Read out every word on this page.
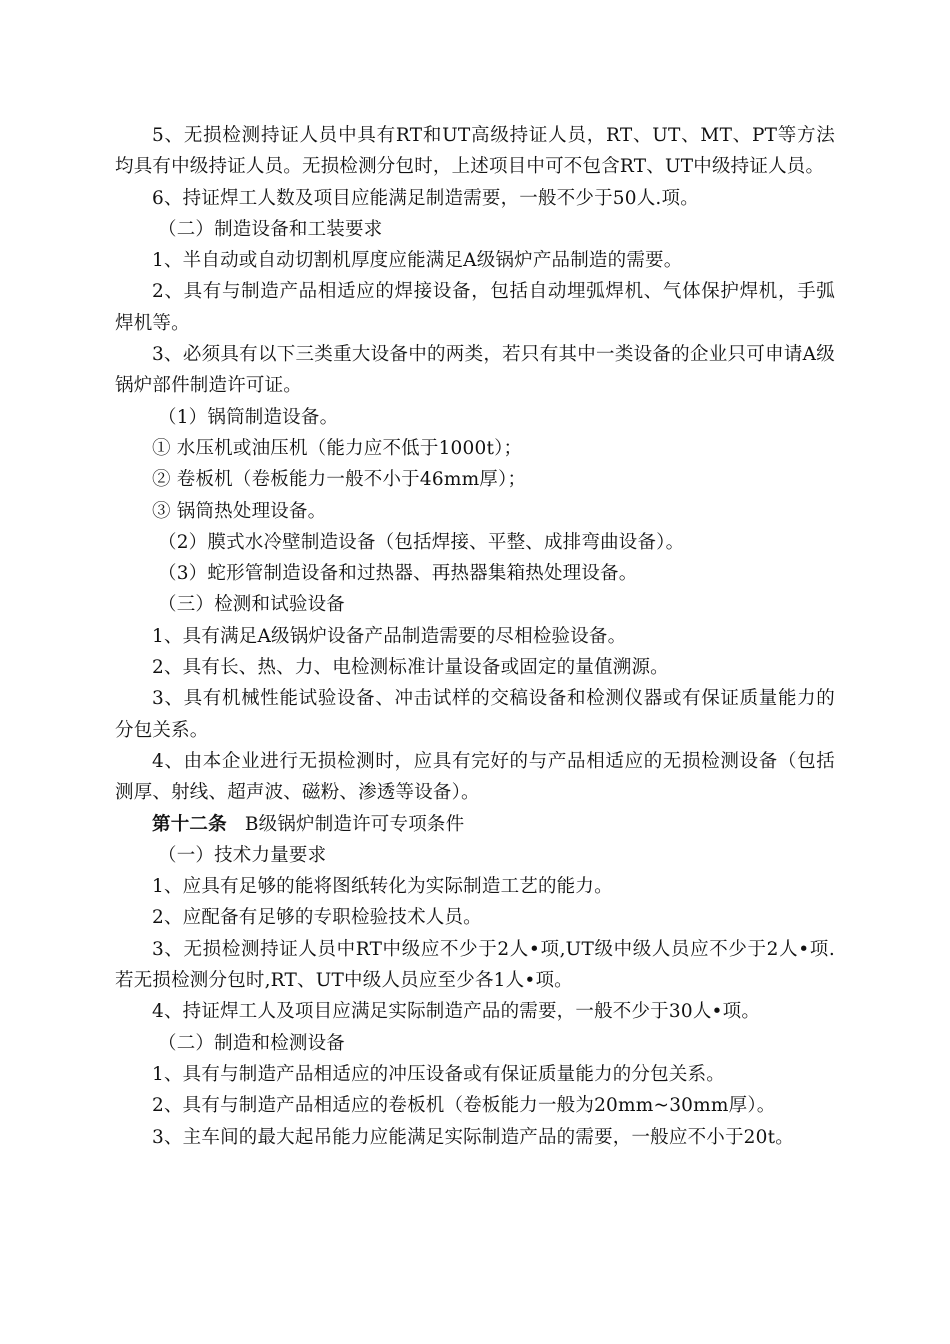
5、无损检测持证人员中具有RT和UT高级持证人员，RT、UT、MT、PT等方法均具有中级持证人员。无损检测分包时，上述项目中可不包含RT、UT中级持证人员。

6、持证焊工人数及项目应能满足制造需要，一般不少于50人.项。

（二）制造设备和工装要求

1、半自动或自动切割机厚度应能满足A级锅炉产品制造的需要。

2、具有与制造产品相适应的焊接设备，包括自动埋弧焊机、气体保护焊机，手弧焊机等。

3、必须具有以下三类重大设备中的两类，若只有其中一类设备的企业只可申请A级锅炉部件制造许可证。

（1）锅筒制造设备。

① 水压机或油压机（能力应不低于1000t）；

② 卷板机（卷板能力一般不小于46mm厚）；

③ 锅筒热处理设备。

（2）膜式水冷壁制造设备（包括焊接、平整、成排弯曲设备）。

（3）蛇形管制造设备和过热器、再热器集箱热处理设备。

（三）检测和试验设备

1、具有满足A级锅炉设备产品制造需要的尽相检验设备。

2、具有长、热、力、电检测标准计量设备或固定的量值溯源。

3、具有机械性能试验设备、冲击试样的交稿设备和检测仪器或有保证质量能力的分包关系。

4、由本企业进行无损检测时，应具有完好的与产品相适应的无损检测设备（包括测厚、射线、超声波、磁粉、渗透等设备）。

第十二条 B级锅炉制造许可专项条件

（一）技术力量要求

1、应具有足够的能将图纸转化为实际制造工艺的能力。

2、应配备有足够的专职检验技术人员。

3、无损检测持证人员中RT中级应不少于2人•项,UT级中级人员应不少于2人•项.若无损检测分包时,RT、UT中级人员应至少各1人•项。

4、持证焊工人及项目应满足实际制造产品的需要，一般不少于30人•项。

（二）制造和检测设备

1、具有与制造产品相适应的冲压设备或有保证质量能力的分包关系。

2、具有与制造产品相适应的卷板机（卷板能力一般为20mm~30mm厚）。

3、主车间的最大起吊能力应能满足实际制造产品的需要，一般应不小于20t。
